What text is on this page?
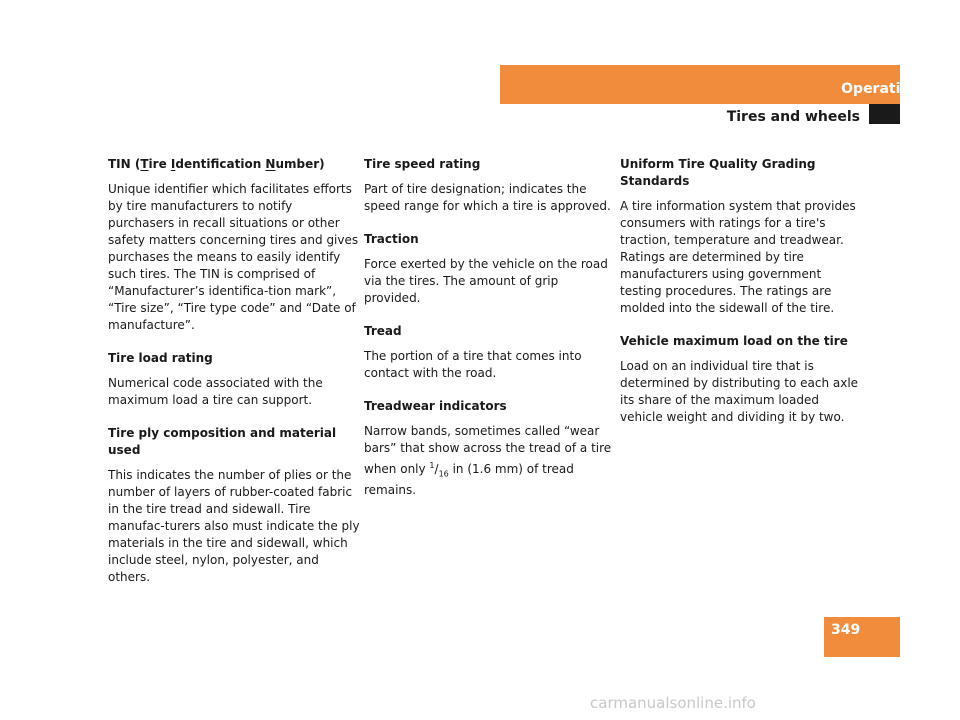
Operation
Tires and wheels
TIN (Tire Identification Number)
Unique identifier which facilitates efforts by tire manufacturers to notify purchasers in recall situations or other safety matters concerning tires and gives purchases the means to easily identify such tires. The TIN is comprised of “Manufacturer’s identifica-tion mark”, “Tire size”, “Tire type code” and “Date of manufacture”.
Tire load rating
Numerical code associated with the maximum load a tire can support.
Tire ply composition and material used
This indicates the number of plies or the number of layers of rubber-coated fabric in the tire tread and sidewall. Tire manufac-turers also must indicate the ply materials in the tire and sidewall, which include steel, nylon, polyester, and others.
Tire speed rating
Part of tire designation; indicates the speed range for which a tire is approved.
Traction
Force exerted by the vehicle on the road via the tires. The amount of grip provided.
Tread
The portion of a tire that comes into contact with the road.
Treadwear indicators
Narrow bands, sometimes called “wear bars” that show across the tread of a tire when only $^1/_{16}$ in (1.6 mm) of tread remains.
Uniform Tire Quality Grading Standards
A tire information system that provides consumers with ratings for a tire's traction, temperature and treadwear. Ratings are determined by tire manufacturers using government testing procedures. The ratings are molded into the sidewall of the tire.
Vehicle maximum load on the tire
Load on an individual tire that is determined by distributing to each axle its share of the maximum loaded vehicle weight and dividing it by two.
349
carmanualsonline.info
